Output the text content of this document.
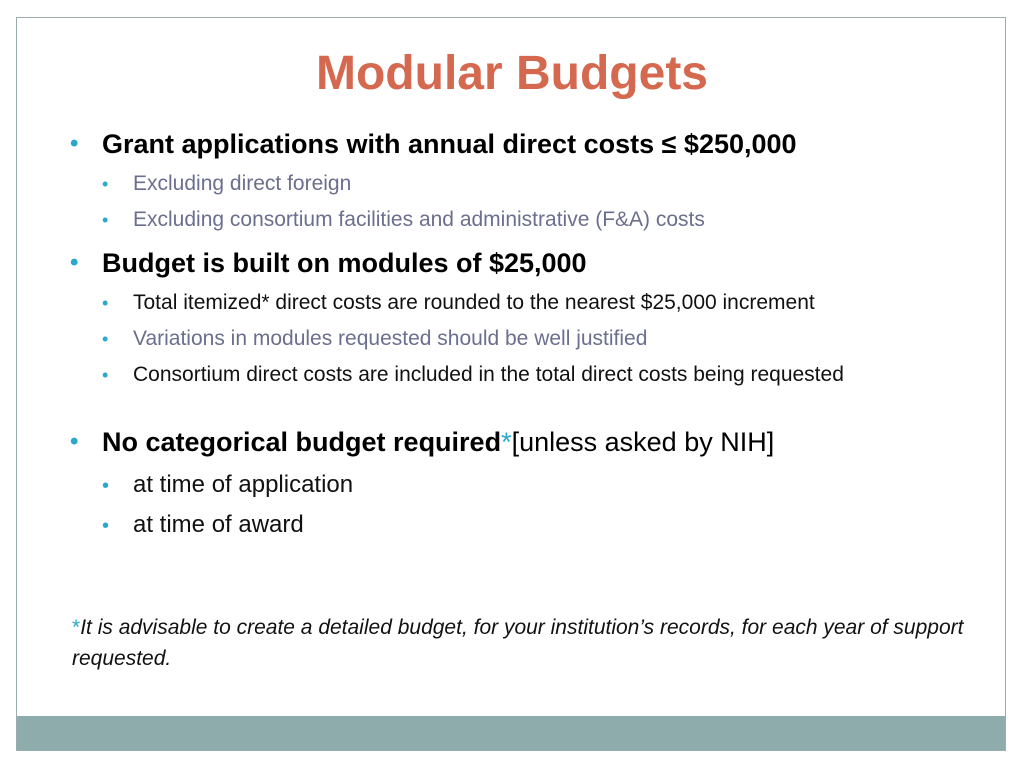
Modular Budgets
• Grant applications with annual direct costs ≤ $250,000
• Excluding direct foreign
• Excluding consortium facilities and administrative (F&A) costs
• Budget is built on modules of $25,000
• Total itemized* direct costs are rounded to the nearest $25,000 increment
• Variations in modules requested should be well justified
• Consortium direct costs are included in the total direct costs being requested
• No categorical budget required*[unless asked by NIH]
• at time of application
• at time of award
*It is advisable to create a detailed budget, for your institution’s records, for each year of support requested.
